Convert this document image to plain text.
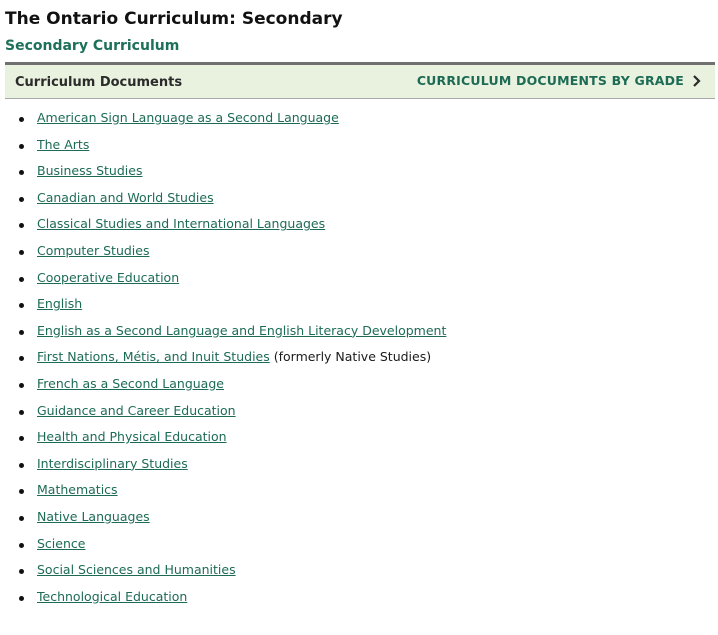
The Ontario Curriculum: Secondary
Secondary Curriculum
Curriculum Documents	CURRICULUM DOCUMENTS BY GRADE
American Sign Language as a Second Language
The Arts
Business Studies
Canadian and World Studies
Classical Studies and International Languages
Computer Studies
Cooperative Education
English
English as a Second Language and English Literacy Development
First Nations, Métis, and Inuit Studies (formerly Native Studies)
French as a Second Language
Guidance and Career Education
Health and Physical Education
Interdisciplinary Studies
Mathematics
Native Languages
Science
Social Sciences and Humanities
Technological Education
